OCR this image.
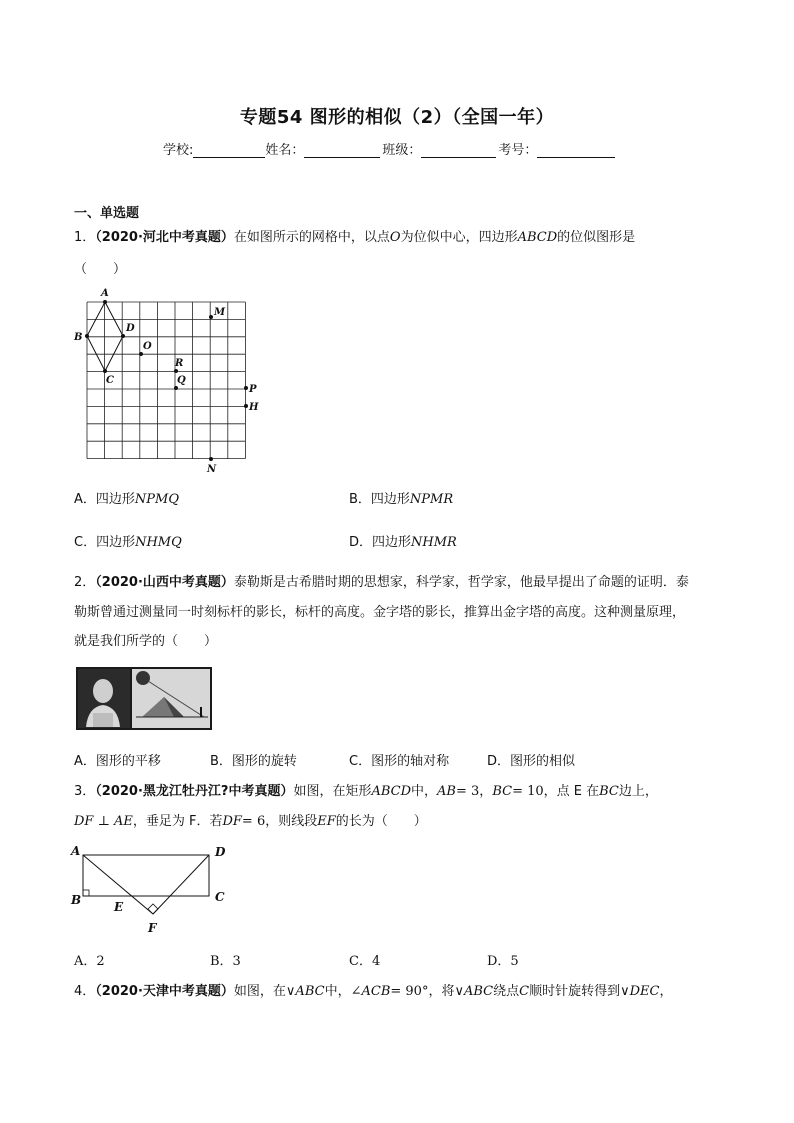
专题54 图形的相似（2）（全国一年）
学校:	姓名：	班级：	考号：
一、单选题
1．（2020·河北中考真题）在如图所示的网格中，以点O为位似中心，四边形ABCD的位似图形是
（　　）
A
B
C
D
O
M
R
Q
P
H
N
A．四边形NPMQ	B．四边形NPMR
C．四边形NHMQ	D．四边形NHMR
2．（2020·山西中考真题）泰勒斯是古希腊时期的思想家，科学家，哲学家，他最早提出了命题的证明．泰
勒斯曾通过测量同一时刻标杆的影长，标杆的高度。金字塔的影长，推算出金字塔的高度。这种测量原理，
就是我们所学的（　　）
A．图形的平移	B．图形的旋转	C．图形的轴对称	D．图形的相似
3．（2020·黑龙江牡丹江?中考真题）如图，在矩形ABCD中，AB= 3，BC= 10，点 E 在BC边上，
DF ⊥ AE，垂足为 F．若DF= 6，则线段EF的长为（　　）
A	D
B	C
E
F
A．2	B．3	C．4	D．5
4．（2020·天津中考真题）如图，在∨ABC中，∠ACB= 90°，将∨ABC绕点C顺时针旋转得到∨DEC，
